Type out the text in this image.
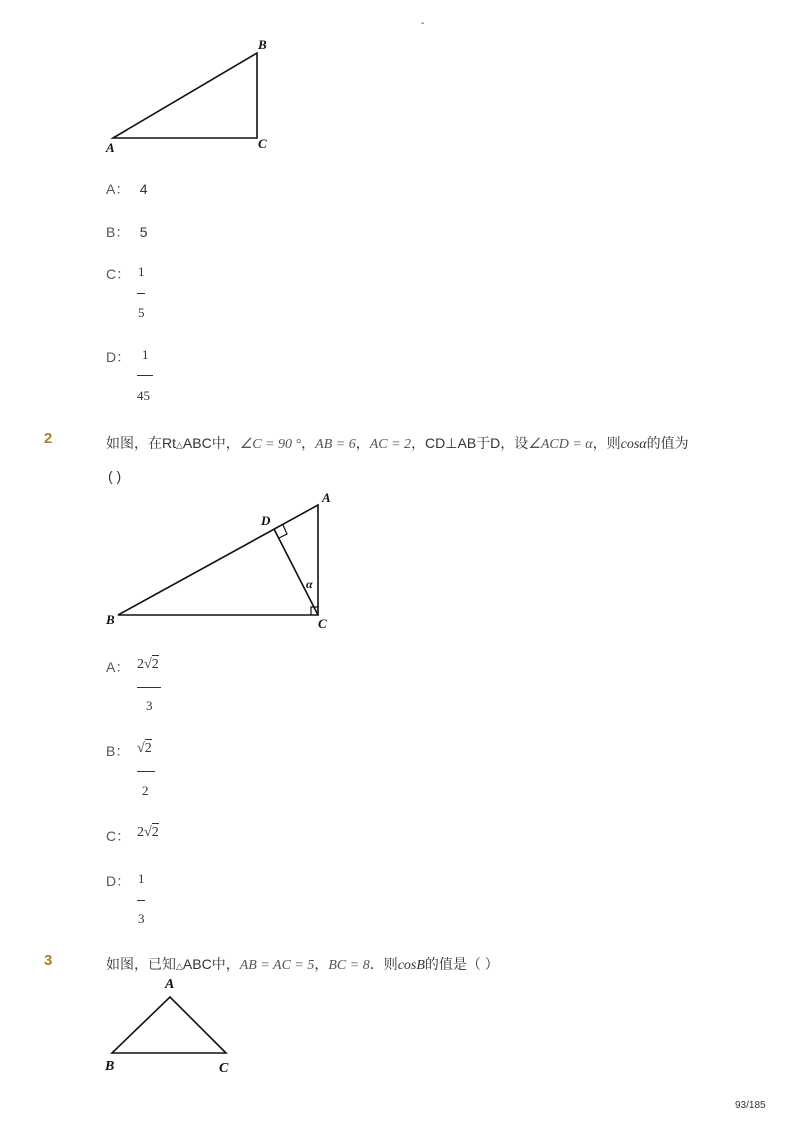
-
A
B
C
A： 4
B： 5
C： 1
5
D： 1
45
2	如图，在Rt△ABC中，∠C = 90 °，AB = 6，AC = 2，CD⊥AB于D，设∠ACD = α，则cosα的值为
( )
A
B	C
D
α
A： 2√2
3
B： √2
2
C： 2√2
D： 1
3
3	如图，已知△ABC中，AB = AC = 5，BC = 8．则cosB的值是（ ）
A
B	C
93/185
